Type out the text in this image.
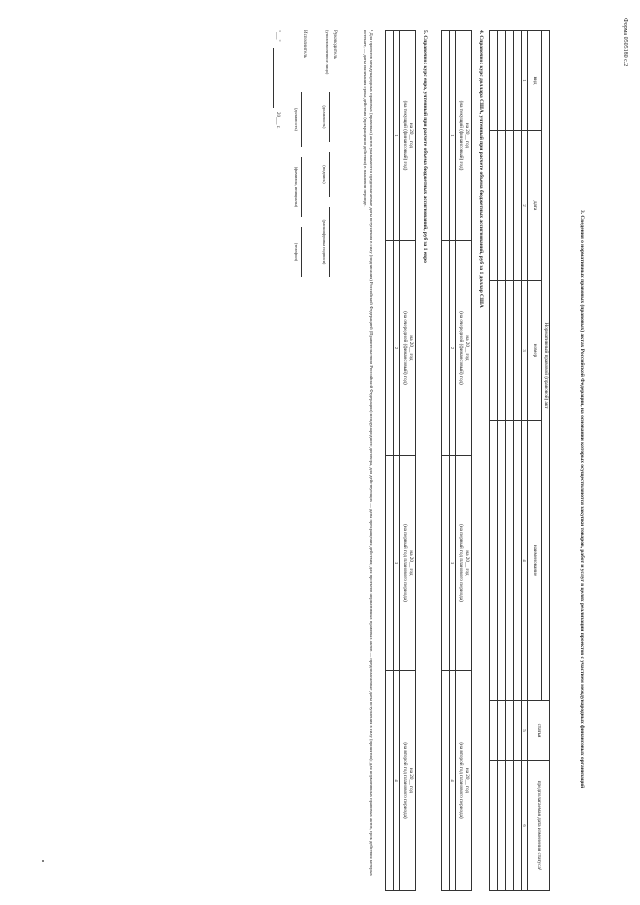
Форма 0505180 с.2
3. Сведения о нормативных правовых (правовых) актах Российской Федерации, на основании которых осуществляются закупки товаров, работ и услуг в целях реализации проектов с участием международных финансовых организаций
Нормативный правовой (правовой) акт				статья	предполагаемая дата изменения статуса¹
вид	дата	номер	наименование		
1	2	3	4	5	6

4. Справочно: курс доллара США, учтенный при расчете объема бюджетных ассигнований, руб за 1 доллар США
на 20__ год
(на текущий (финансовый) год)	на 20__ год
(на очередной (финансовый) год)	на 20__ год
(на первый год планового периода)	на 20__ год
(на второй год планового периода)

1	2	3	4

5. Справочно: курс евро, учтенный при расчете объема бюджетных ассигнований, руб за 1 евро
на 20__ год
(на текущий (финансовый) год)	на 20__ год
(на очередной (финансовый) год)	на 20__ год
(на первый год планового периода)	на 20__ год
(на второй год планового периода)

1	2	3	4

¹ Для проектов международных правовых (правовых) актов указываются предполагаемые даты вступления в силу (подписания) Российской Федерацией (Правительством Российской Федерации) международного договора, для действующих — даты прекращения действия; для проектов нормативных правовых актов — предполагаемые даты вступления в силу (принятия); для нормативных правовых актов, срок действия которых истекает, — даты окончания срока действия (прекращения действия) в плановом периоде.
Руководитель
(уполномоченное лицо)
(должность)
(подпись)
(расшифровка подписи)
Исполнитель
(должность)
(фамилия, инициалы)
(телефон)
"___"
20___ г.
